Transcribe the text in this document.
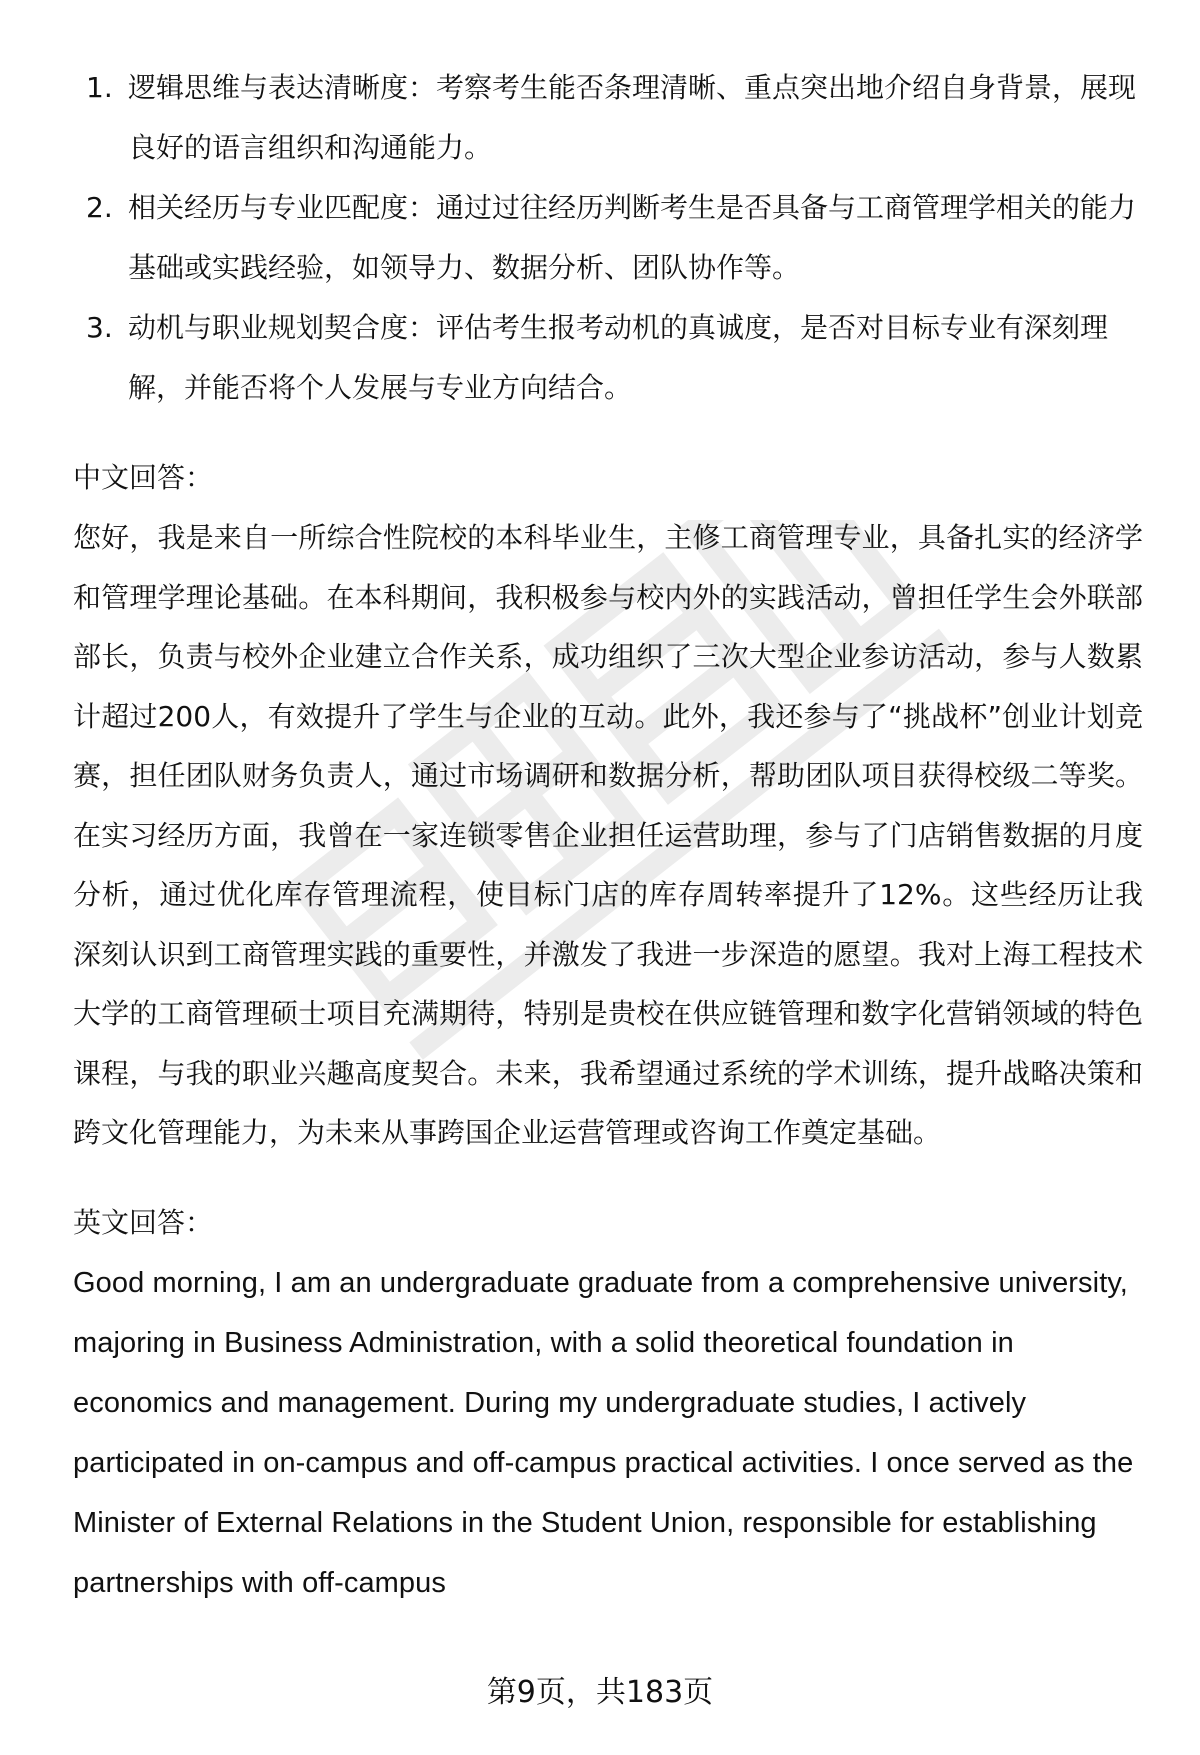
1. 逻辑思维与表达清晰度：考察考生能否条理清晰、重点突出地介绍自身背景，展现良好的语言组织和沟通能力。
2. 相关经历与专业匹配度：通过过往经历判断考生是否具备与工商管理学相关的能力基础或实践经验，如领导力、数据分析、团队协作等。
3. 动机与职业规划契合度：评估考生报考动机的真诚度，是否对目标专业有深刻理解，并能否将个人发展与专业方向结合。
中文回答：

您好，我是来自一所综合性院校的本科毕业生，主修工商管理专业，具备扎实的经济学和管理学理论基础。在本科期间，我积极参与校内外的实践活动，曾担任学生会外联部部长，负责与校外企业建立合作关系，成功组织了三次大型企业参访活动，参与人数累计超过200人，有效提升了学生与企业的互动。此外，我还参与了“挑战杯”创业计划竞赛，担任团队财务负责人，通过市场调研和数据分析，帮助团队项目获得校级二等奖。在实习经历方面，我曾在一家连锁零售企业担任运营助理，参与了门店销售数据的月度分析，通过优化库存管理流程，使目标门店的库存周转率提升了12%。这些经历让我深刻认识到工商管理实践的重要性，并激发了我进一步深造的愿望。我对上海工程技术大学的工商管理硕士项目充满期待，特别是贵校在供应链管理和数字化营销领域的特色课程，与我的职业兴趣高度契合。未来，我希望通过系统的学术训练，提升战略决策和跨文化管理能力，为未来从事跨国企业运营管理或咨询工作奠定基础。

英文回答：

Good morning, I am an undergraduate graduate from a comprehensive university, majoring in Business Administration, with a solid theoretical foundation in economics and management. During my undergraduate studies, I actively participated in on-campus and off-campus practical activities. I once served as the Minister of External Relations in the Student Union, responsible for establishing partnerships with off-campus

第9页，共183页
